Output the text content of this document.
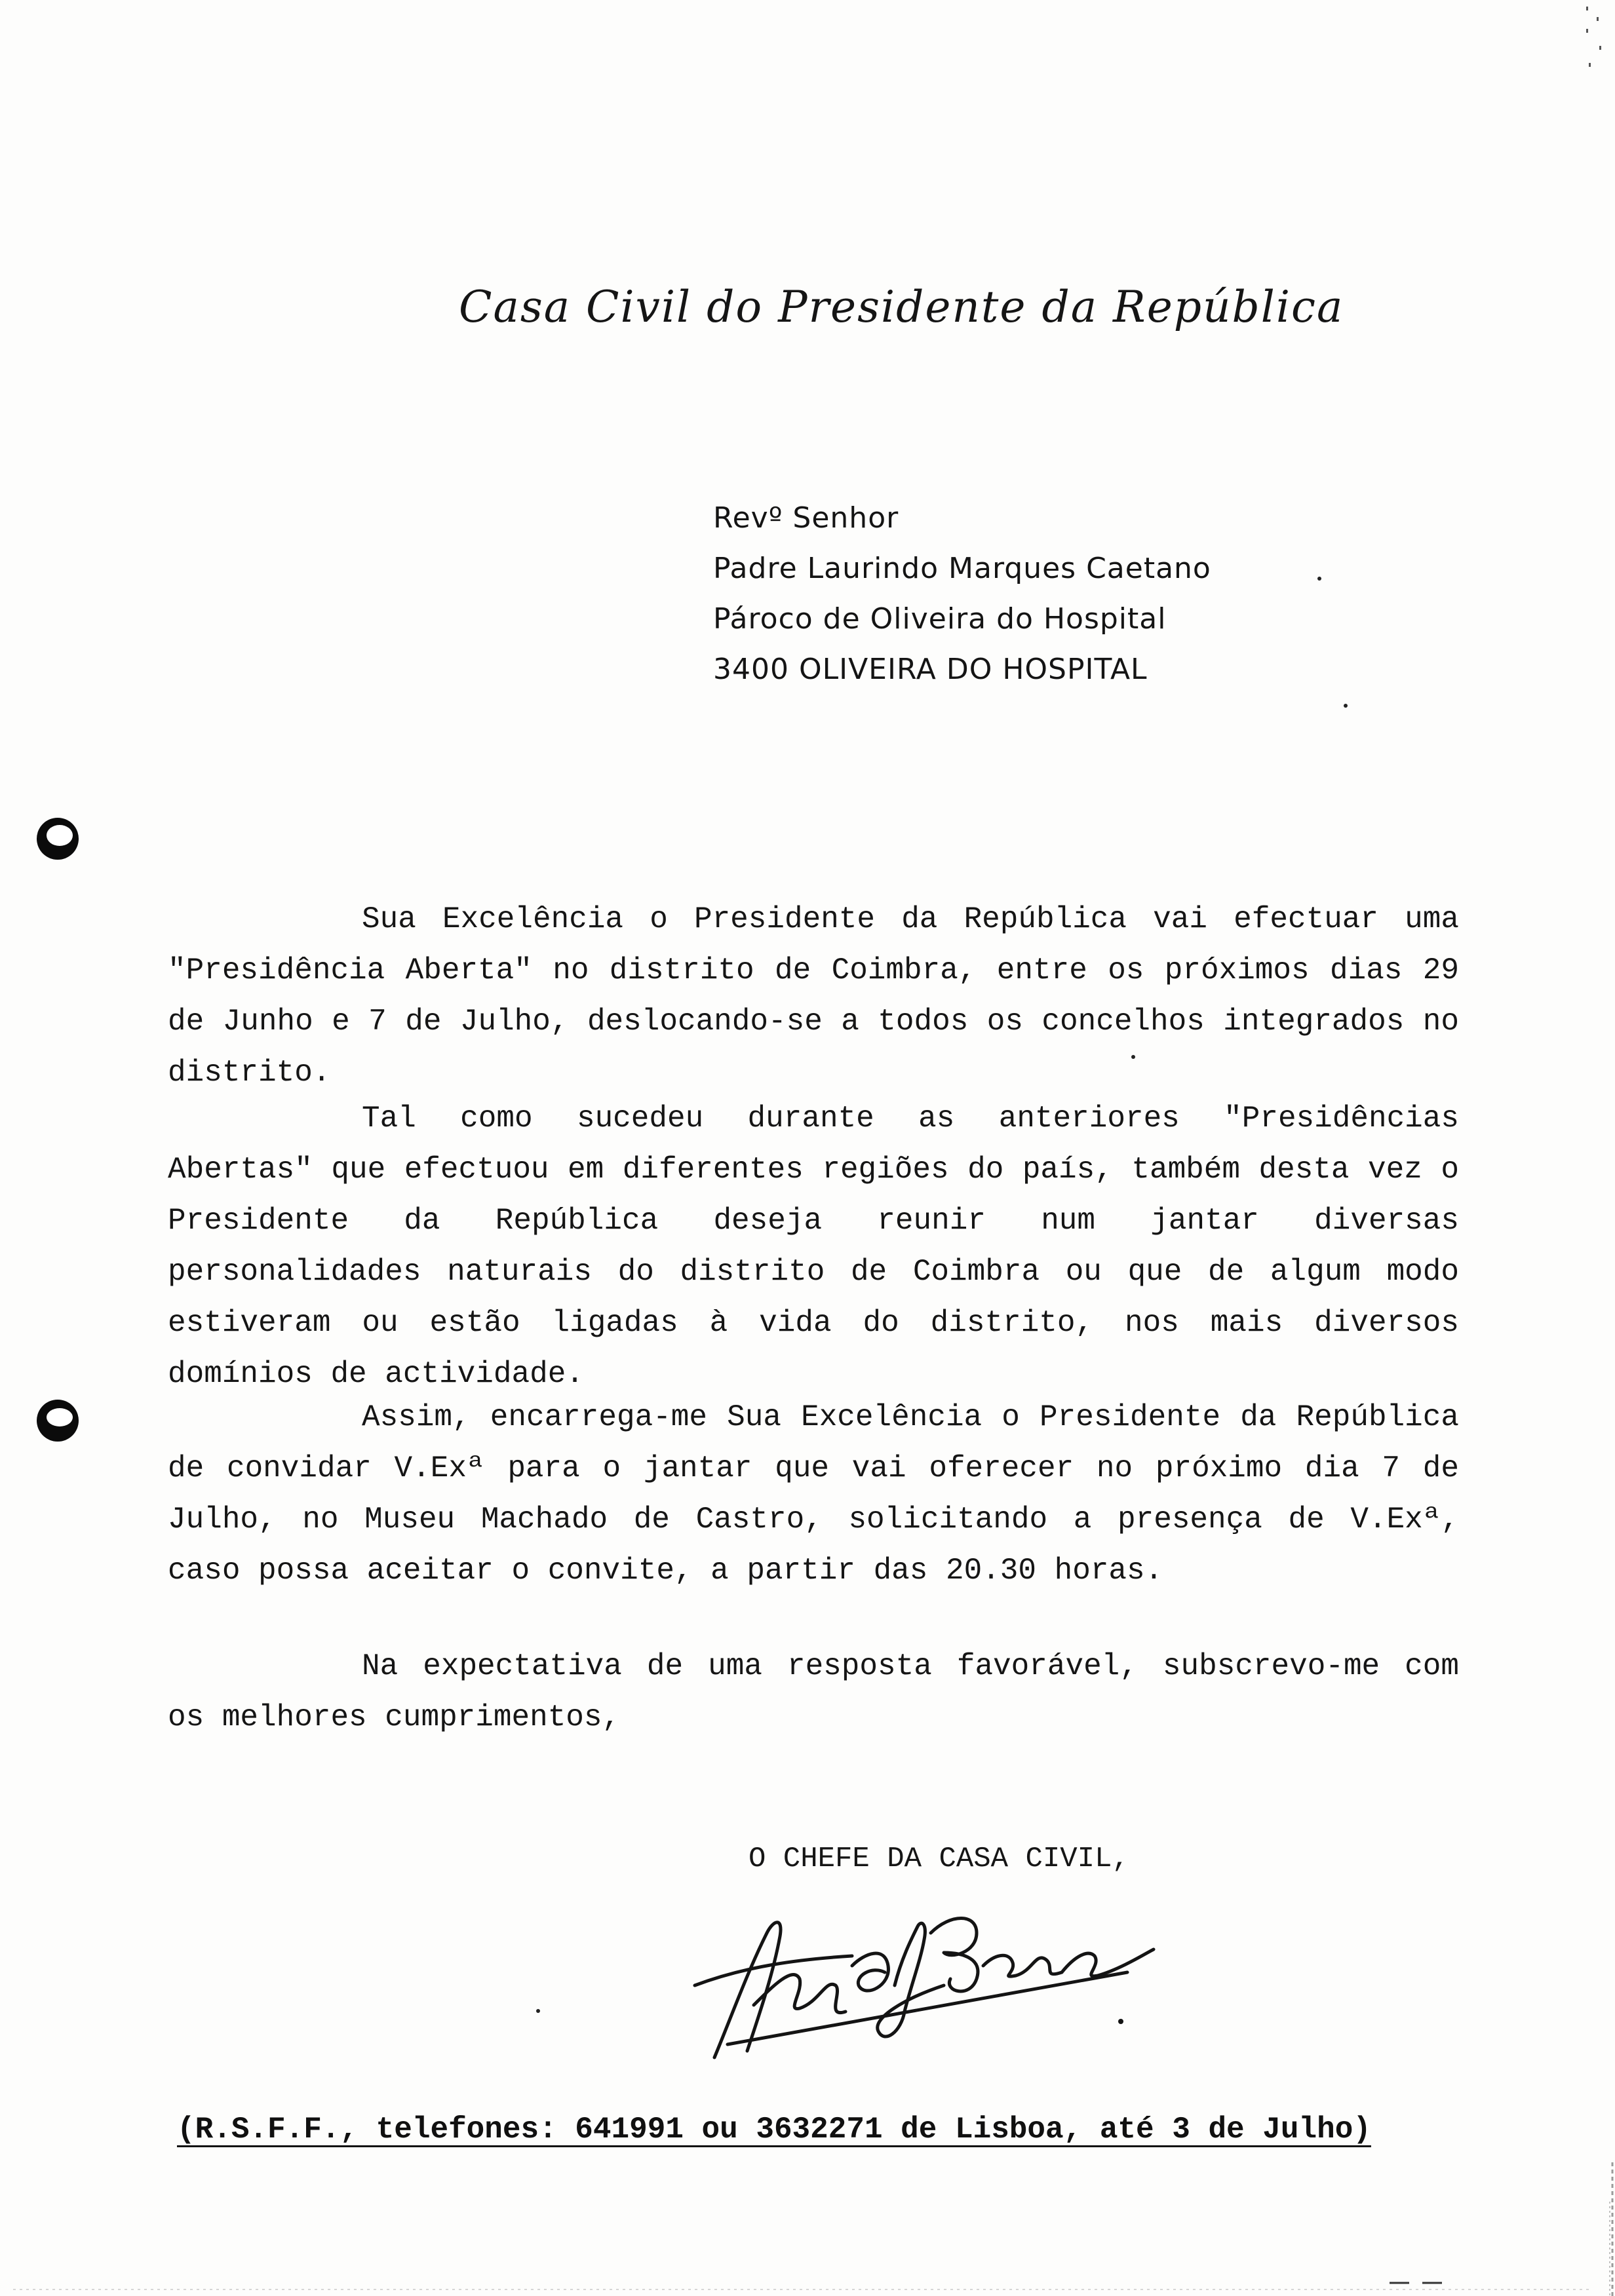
Casa Civil do Presidente da República
Revº Senhor
Padre Laurindo Marques Caetano
Pároco de Oliveira do Hospital
3400 OLIVEIRA DO HOSPITAL
Sua Excelência o Presidente da República vai efectuar uma "Presidência Aberta" no distrito de Coimbra, entre os próximos dias 29 de Junho e 7 de Julho, deslocando-se a todos os concelhos integrados no distrito.
Tal como sucedeu durante as anteriores "Presidências Abertas" que efectuou em diferentes regiões do país, também desta vez o Presidente da República deseja reunir num jantar diversas personalidades naturais do distrito de Coimbra ou que de algum modo estiveram ou estão ligadas à vida do distrito, nos mais diversos domínios de actividade.
Assim, encarrega-me Sua Excelência o Presidente da República de convidar V.Exª para o jantar que vai oferecer no próximo dia 7 de Julho, no Museu Machado de Castro, solicitando a presença de V.Exª, caso possa aceitar o convite, a partir das 20.30 horas.
Na expectativa de uma resposta favorável, subscrevo-me com os melhores cumprimentos,
O CHEFE DA CASA CIVIL,
(R.S.F.F., telefones: 641991 ou 3632271 de Lisboa, até 3 de Julho)
